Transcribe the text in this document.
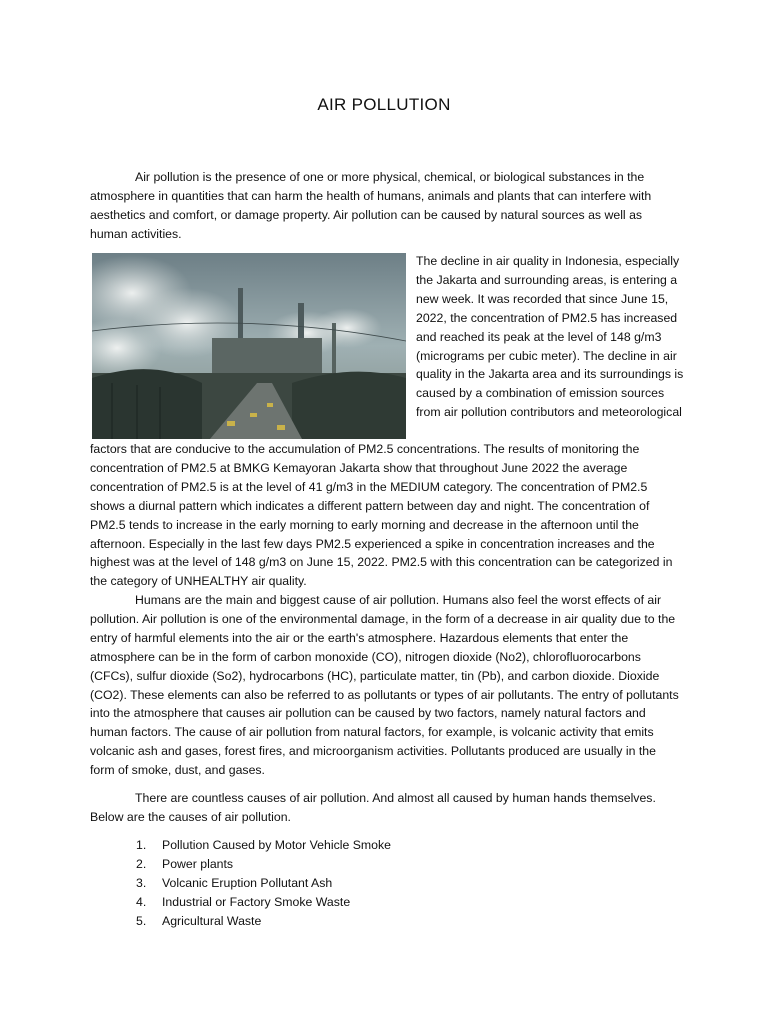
AIR POLLUTION

Air pollution is the presence of one or more physical, chemical, or biological substances in the atmosphere in quantities that can harm the health of humans, animals and plants that can interfere with aesthetics and comfort, or damage property. Air pollution can be caused by natural sources as well as human activities.

The decline in air quality in Indonesia, especially the Jakarta and surrounding areas, is entering a new week. It was recorded that since June 15, 2022, the concentration of PM2.5 has increased and reached its peak at the level of 148 g/m3 (micrograms per cubic meter). The decline in air quality in the Jakarta area and its surroundings is caused by a combination of emission sources from air pollution contributors and meteorological

factors that are conducive to the accumulation of PM2.5 concentrations. The results of monitoring the concentration of PM2.5 at BMKG Kemayoran Jakarta show that throughout June 2022 the average concentration of PM2.5 is at the level of 41 g/m3 in the MEDIUM category. The concentration of PM2.5 shows a diurnal pattern which indicates a different pattern between day and night. The concentration of PM2.5 tends to increase in the early morning to early morning and decrease in the afternoon until the afternoon. Especially in the last few days PM2.5 experienced a spike in concentration increases and the highest was at the level of 148 g/m3 on June 15, 2022. PM2.5 with this concentration can be categorized in the category of UNHEALTHY air quality.

Humans are the main and biggest cause of air pollution. Humans also feel the worst effects of air pollution. Air pollution is one of the environmental damage, in the form of a decrease in air quality due to the entry of harmful elements into the air or the earth's atmosphere. Hazardous elements that enter the atmosphere can be in the form of carbon monoxide (CO), nitrogen dioxide (No2), chlorofluorocarbons (CFCs), sulfur dioxide (So2), hydrocarbons (HC), particulate matter, tin (Pb), and carbon dioxide. Dioxide (CO2). These elements can also be referred to as pollutants or types of air pollutants. The entry of pollutants into the atmosphere that causes air pollution can be caused by two factors, namely natural factors and human factors. The cause of air pollution from natural factors, for example, is volcanic activity that emits volcanic ash and gases, forest fires, and microorganism activities. Pollutants produced are usually in the form of smoke, dust, and gases.

There are countless causes of air pollution. And almost all caused by human hands themselves. Below are the causes of air pollution.

1.	Pollution Caused by Motor Vehicle Smoke
2.	Power plants
3.	Volcanic Eruption Pollutant Ash
4.	Industrial or Factory Smoke Waste
5.	Agricultural Waste
